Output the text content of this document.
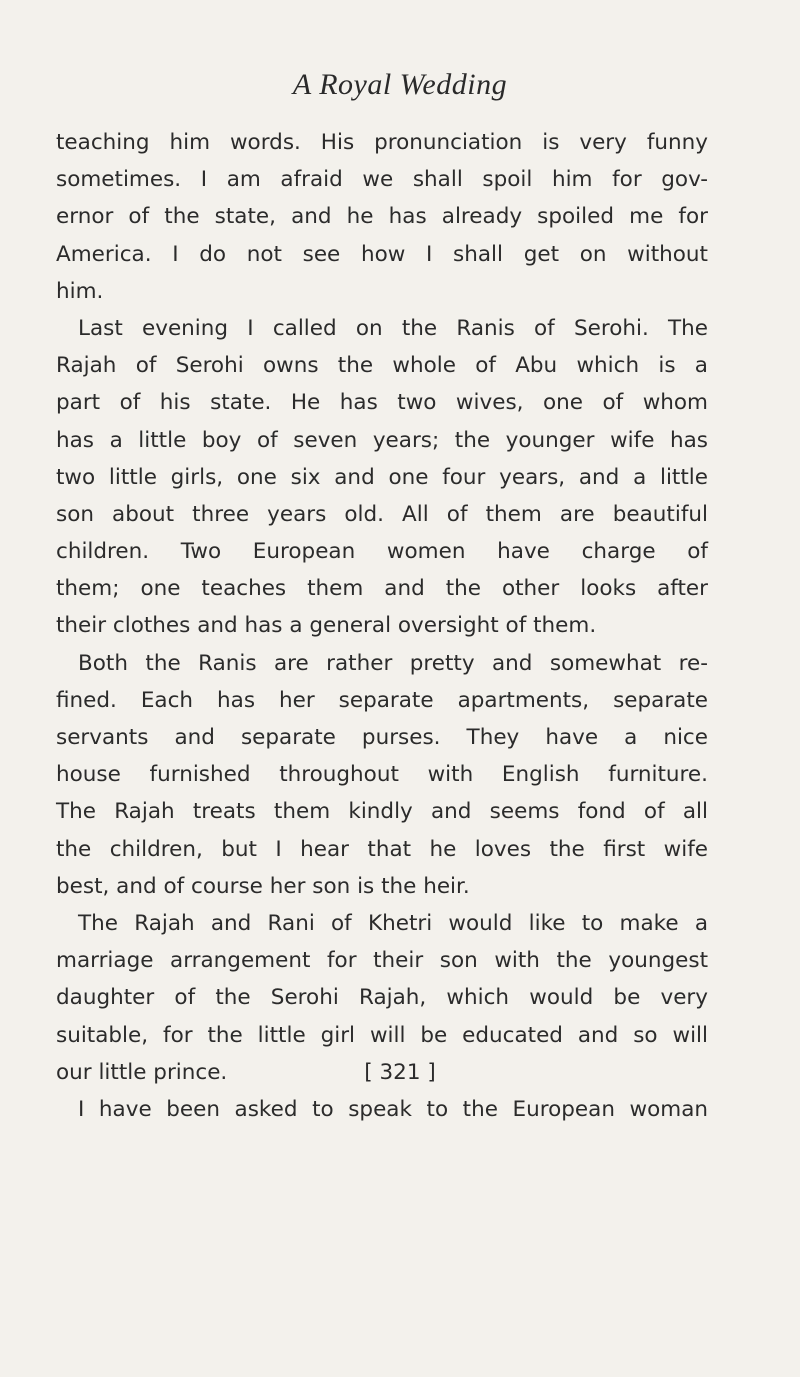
A Royal Wedding
teaching him words. His pronunciation is very funny
sometimes. I am afraid we shall spoil him for gov-
ernor of the state, and he has already spoiled me for
America. I do not see how I shall get on without
him.
Last evening I called on the Ranis of Serohi. The
Rajah of Serohi owns the whole of Abu which is a
part of his state. He has two wives, one of whom
has a little boy of seven years; the younger wife has
two little girls, one six and one four years, and a little
son about three years old. All of them are beautiful
children. Two European women have charge of
them; one teaches them and the other looks after
their clothes and has a general oversight of them.
Both the Ranis are rather pretty and somewhat re-
fined. Each has her separate apartments, separate
servants and separate purses. They have a nice
house furnished throughout with English furniture.
The Rajah treats them kindly and seems fond of all
the children, but I hear that he loves the first wife
best, and of course her son is the heir.
The Rajah and Rani of Khetri would like to make a
marriage arrangement for their son with the youngest
daughter of the Serohi Rajah, which would be very
suitable, for the little girl will be educated and so will
our little prince.
I have been asked to speak to the European woman
[ 321 ]
